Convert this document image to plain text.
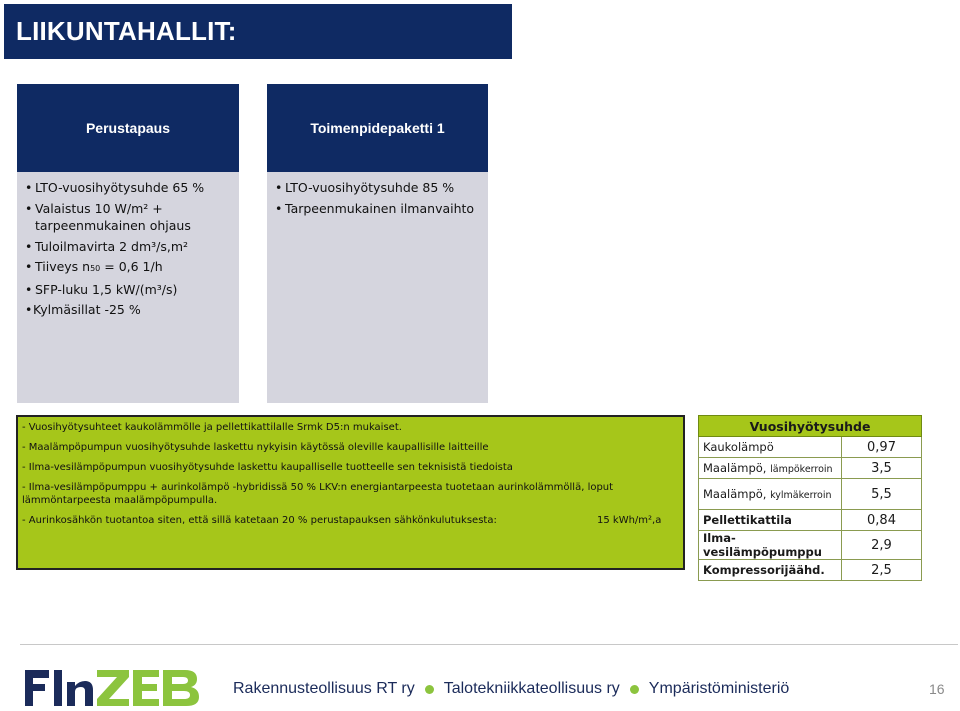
LIIKUNTAHALLIT:
Perustapaus
• LTO-vuosihyötysuhde 65 %
• Valaistus 10 W/m² + tarpeenmukainen ohjaus
• Tuloilmavirta 2 dm³/s,m²
• Tiiveys n50 = 0,6 1/h
• SFP-luku 1,5 kW/(m³/s)
• Kylmäsillat -25 %
Toimenpidepaketti 1
• LTO-vuosihyötysuhde 85 %
• Tarpeenmukainen ilmanvaihto
- Vuosihyötysuhteet kaukolämmölle ja pellettikattilalle Srmk D5:n mukaiset.
- Maalämpöpumpun vuosihyötysuhde laskettu nykyisin käytössä oleville kaupallisille laitteille
- Ilma-vesilämpöpumpun vuosihyötysuhde laskettu kaupalliselle tuotteelle sen teknisistä tiedoista
- Ilma-vesilämpöpumppu + aurinkolämpö -hybridissä 50 % LKV:n energiantarpeesta tuotetaan aurinkolämmöllä, loput
lämmöntarpeesta maalämpöpumpulla.
- Aurinkosähkön tuotantoa siten, että sillä katetaan 20 % perustapauksen sähkönkulutuksesta:	15 kWh/m²,a
Vuosihyötysuhde	
Kaukolämpö	0,97
Maalämpö, lämpökerroin	3,5
Maalämpö, kylmäkerroin	5,5
Pellettikattila	0,84
Ilma-vesilämpöpumppu	2,9
Kompressorijäähd.	2,5
Rakennusteollisuus RT ry Talotekniikkateollisuus ry Ympäristöministeriö	16
